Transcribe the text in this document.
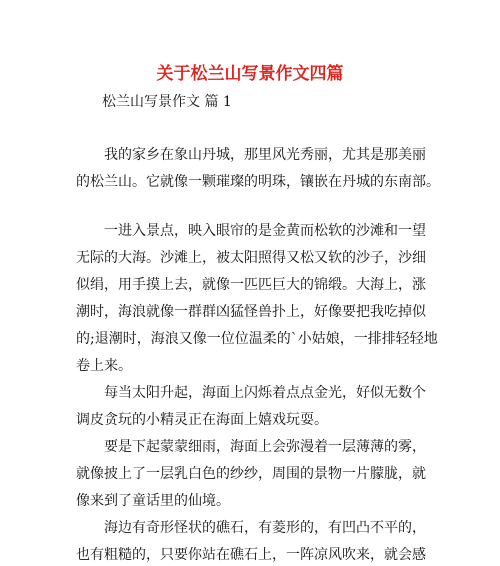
关于松兰山写景作文四篇
松兰山写景作文 篇 1
我的家乡在象山丹城，那里风光秀丽，尤其是那美丽
的松兰山。它就像一颗璀璨的明珠，镶嵌在丹城的东南部。
一进入景点，映入眼帘的是金黄而松软的沙滩和一望
无际的大海。沙滩上，被太阳照得又松又软的沙子，沙细
似绢，用手摸上去，就像一匹匹巨大的锦缎。大海上，涨
潮时，海浪就像一群群凶猛怪兽扑上，好像要把我吃掉似
的;退潮时，海浪又像一位位温柔的`小姑娘，一排排轻轻地
卷上来。
每当太阳升起，海面上闪烁着点点金光，好似无数个
调皮贪玩的小精灵正在海面上嬉戏玩耍。
要是下起蒙蒙细雨，海面上会弥漫着一层薄薄的雾，
就像披上了一层乳白色的纱纱，周围的景物一片朦胧，就
像来到了童话里的仙境。
海边有奇形怪状的礁石，有菱形的，有凹凸不平的，
也有粗糙的，只要你站在礁石上，一阵凉风吹来，就会感
